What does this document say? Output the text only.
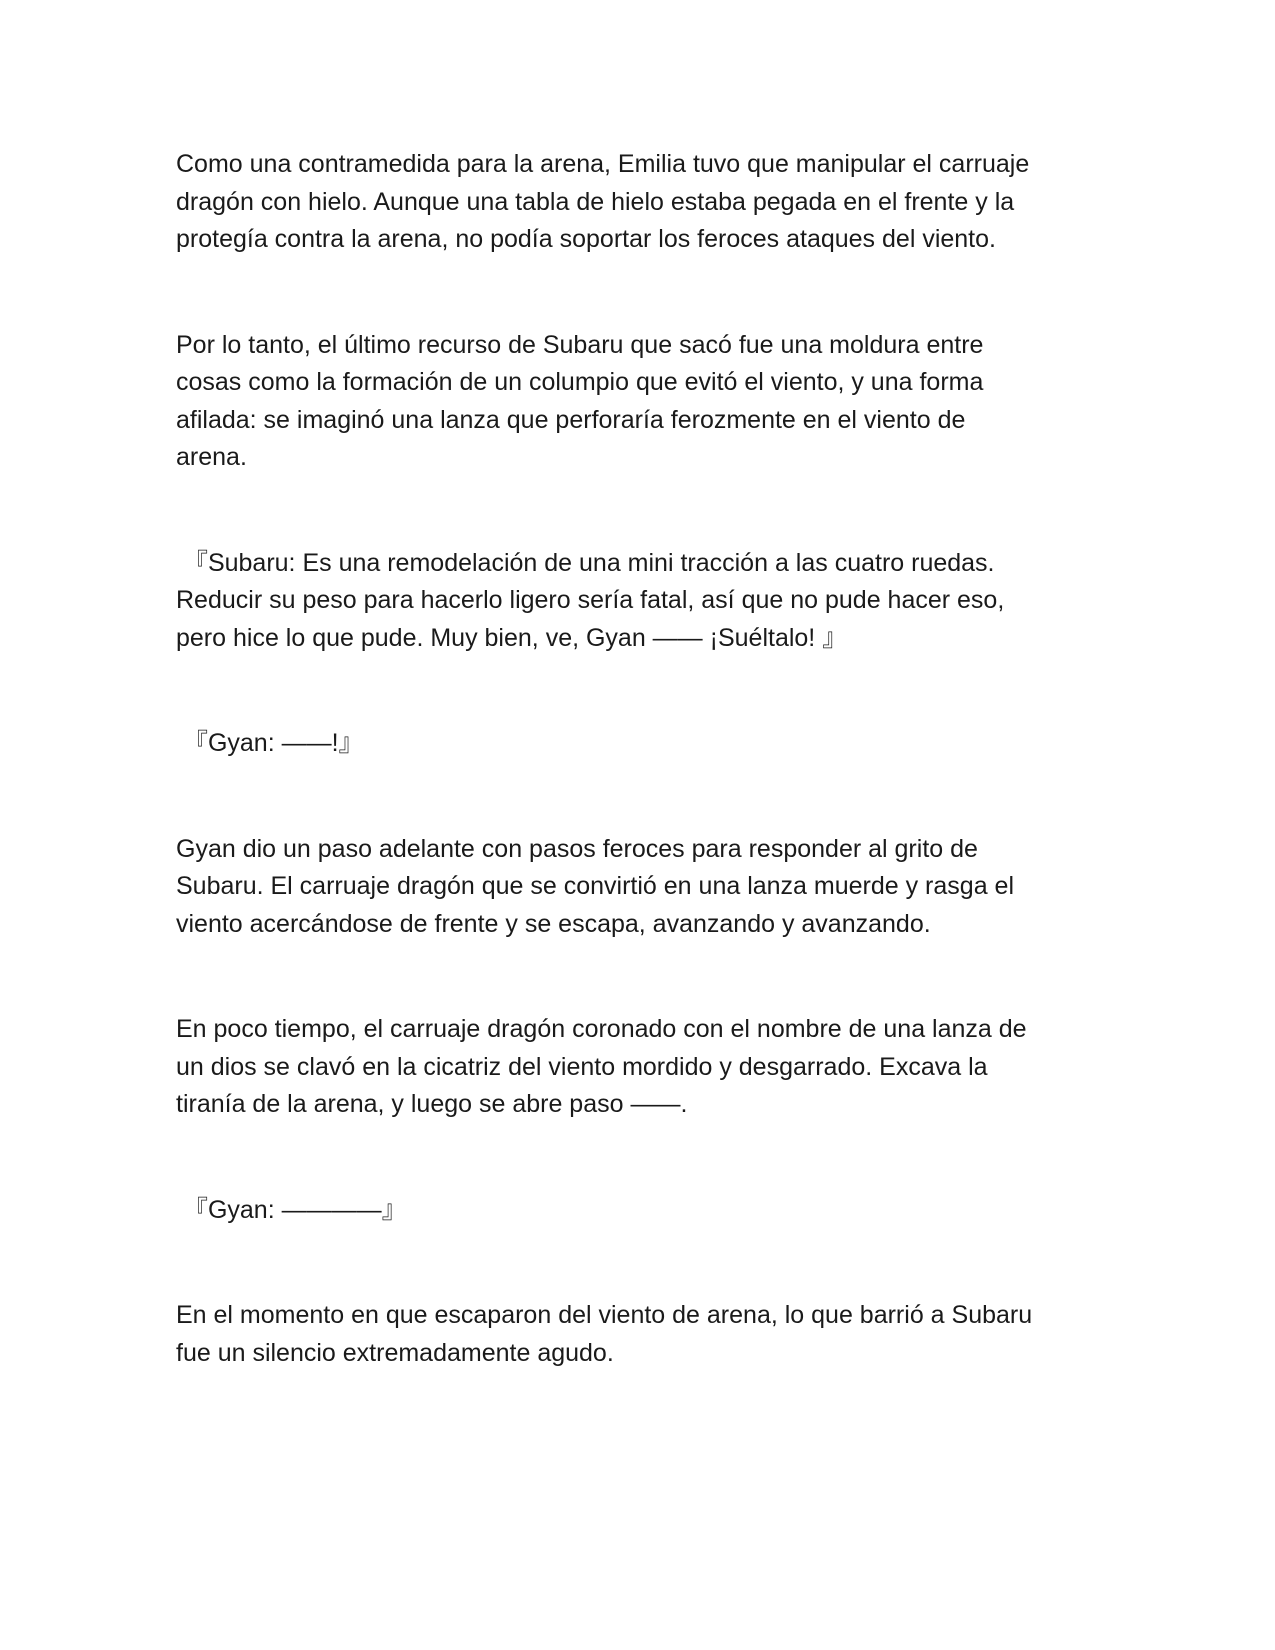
Como una contramedida para la arena, Emilia tuvo que manipular el carruaje
dragón con hielo. Aunque una tabla de hielo estaba pegada en el frente y la
protegía contra la arena, no podía soportar los feroces ataques del viento.

Por lo tanto, el último recurso de Subaru que sacó fue una moldura entre
cosas como la formación de un columpio que evitó el viento, y una forma
afilada: se imaginó una lanza que perforaría ferozmente en el viento de
arena.

『Subaru: Es una remodelación de una mini tracción a las cuatro ruedas.
Reducir su peso para hacerlo ligero sería fatal, así que no pude hacer eso,
pero hice lo que pude. Muy bien, ve, Gyan —— ¡Suéltalo! 』

『Gyan: ——!』

Gyan dio un paso adelante con pasos feroces para responder al grito de
Subaru. El carruaje dragón que se convirtió en una lanza muerde y rasga el
viento acercándose de frente y se escapa, avanzando y avanzando.

En poco tiempo, el carruaje dragón coronado con el nombre de una lanza de
un dios se clavó en la cicatriz del viento mordido y desgarrado. Excava la
tiranía de la arena, y luego se abre paso ——.

『Gyan: ————』

En el momento en que escaparon del viento de arena, lo que barrió a Subaru
fue un silencio extremadamente agudo.
